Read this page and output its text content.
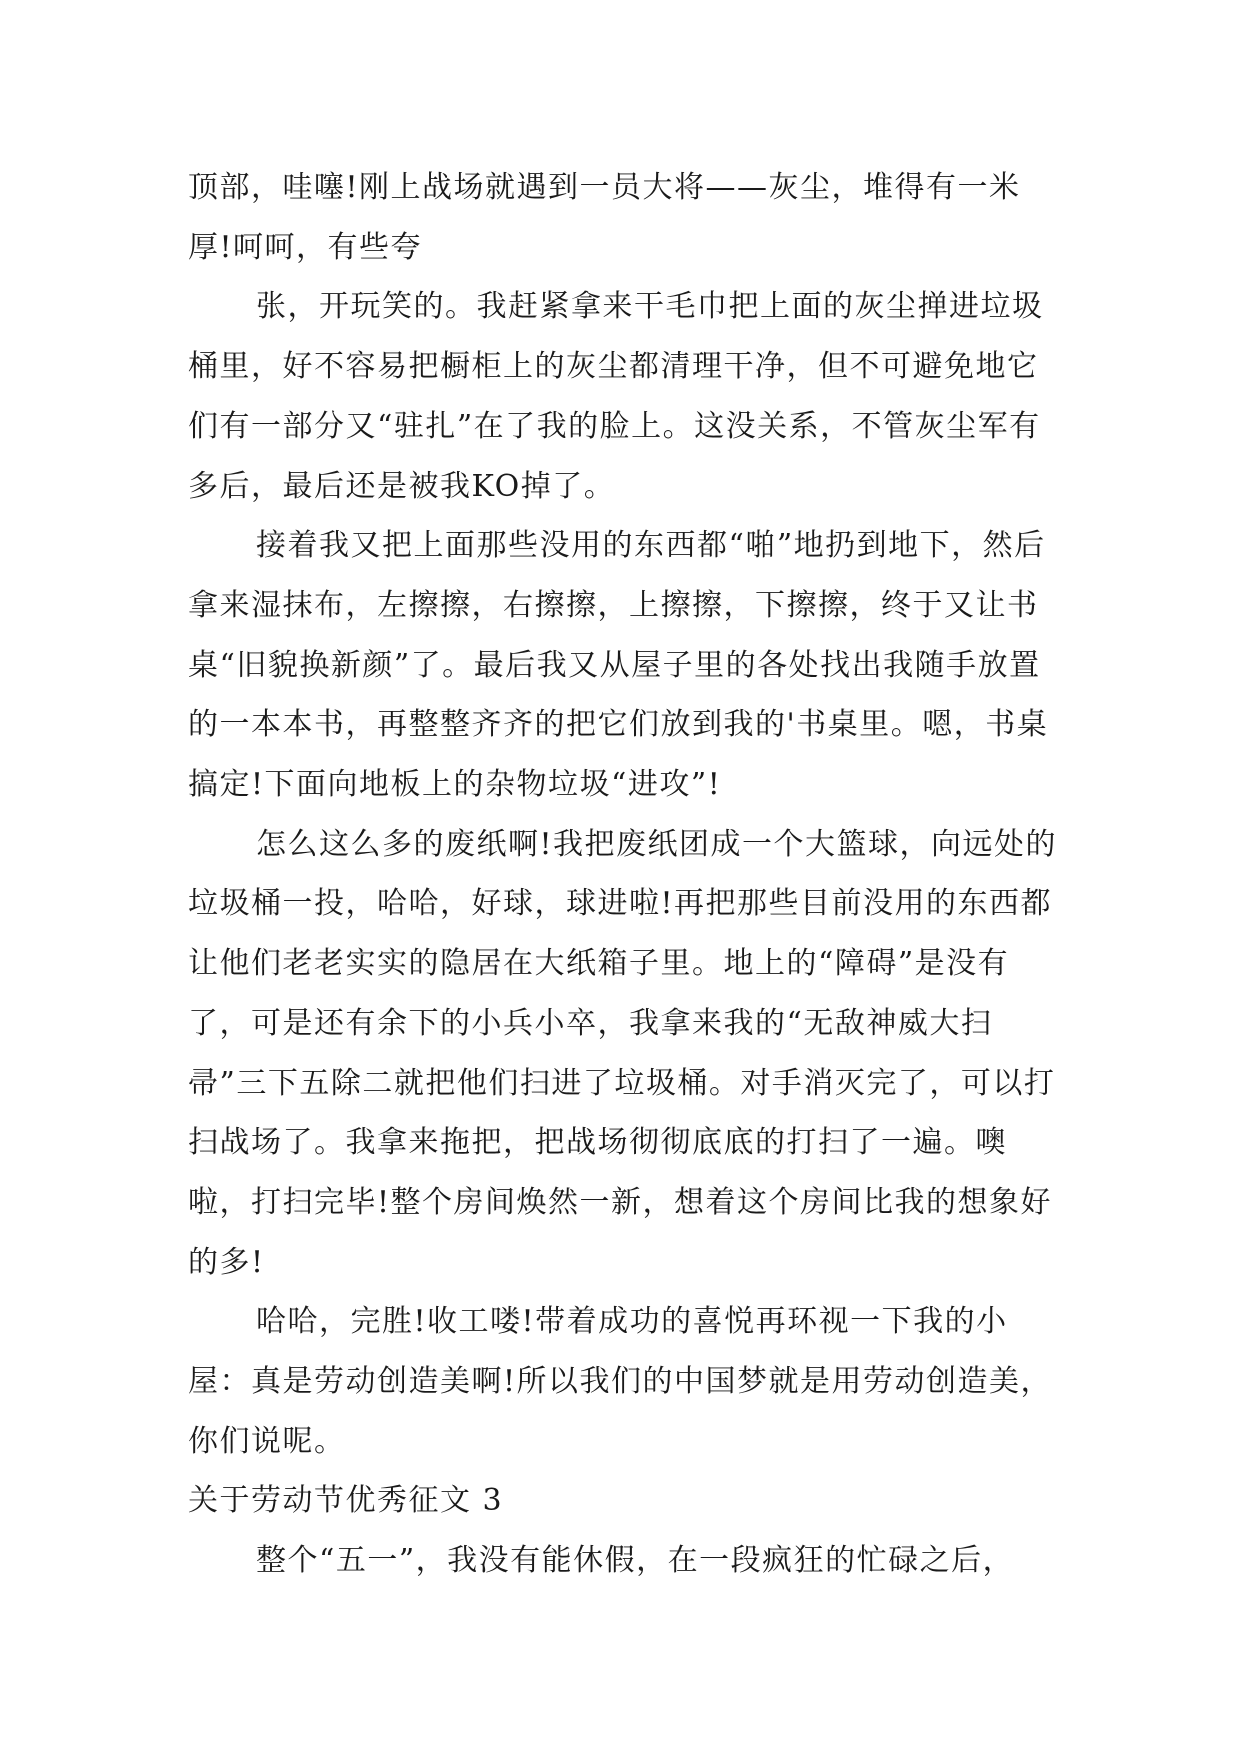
顶部，哇噻!刚上战场就遇到一员大将——灰尘，堆得有一米厚!呵呵，有些夸

张，开玩笑的。我赶紧拿来干毛巾把上面的灰尘掸进垃圾桶里，好不容易把橱柜上的灰尘都清理干净，但不可避免地它们有一部分又“驻扎”在了我的脸上。这没关系，不管灰尘军有多后，最后还是被我KO掉了。

接着我又把上面那些没用的东西都“啪”地扔到地下，然后拿来湿抹布，左擦擦，右擦擦，上擦擦，下擦擦，终于又让书桌“旧貌换新颜”了。最后我又从屋子里的各处找出我随手放置的一本本书，再整整齐齐的把它们放到我的'书桌里。嗯，书桌搞定!下面向地板上的杂物垃圾“进攻”!

怎么这么多的废纸啊!我把废纸团成一个大篮球，向远处的垃圾桶一投，哈哈，好球，球进啦!再把那些目前没用的东西都让他们老老实实的隐居在大纸箱子里。地上的“障碍”是没有了，可是还有余下的小兵小卒，我拿来我的“无敌神威大扫帚”三下五除二就把他们扫进了垃圾桶。对手消灭完了，可以打扫战场了。我拿来拖把，把战场彻彻底底的打扫了一遍。噢啦，打扫完毕!整个房间焕然一新，想着这个房间比我的想象好的多!

哈哈，完胜!收工喽!带着成功的喜悦再环视一下我的小屋：真是劳动创造美啊!所以我们的中国梦就是用劳动创造美，你们说呢。

关于劳动节优秀征文 3

整个“五一”，我没有能休假，在一段疯狂的忙碌之后，
